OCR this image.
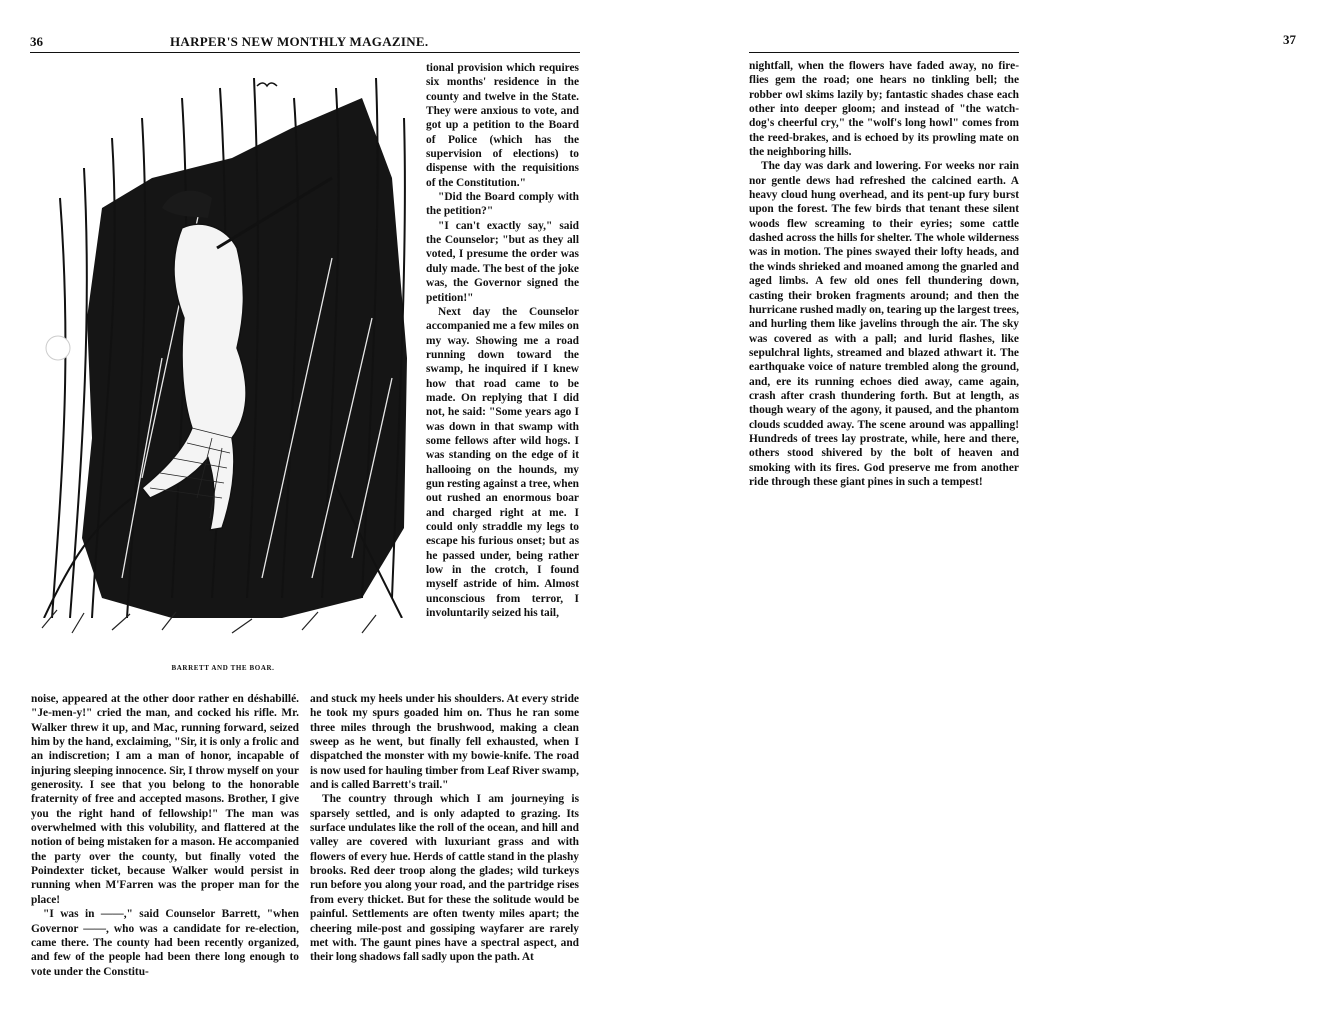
36	HARPER'S NEW MONTHLY MAGAZINE.
BARRETT AND THE BOAR.

tional provision which requires six months' residence in the county and twelve in the State. They were anxious to vote, and got up a petition to the Board of Police (which has the supervision of elections) to dispense with the requisitions of the Constitution."

"Did the Board comply with the petition?"

"I can't exactly say," said the Counselor; "but as they all voted, I presume the order was duly made. The best of the joke was, the Governor signed the petition!"

Next day the Counselor accompanied me a few miles on my way. Showing me a road running down toward the swamp, he inquired if I knew how that road came to be made. On replying that I did not, he said: "Some years ago I was down in that swamp with some fellows after wild hogs. I was standing on the edge of it hallooing on the hounds, my gun resting against a tree, when out rushed an enormous boar and charged right at me. I could only straddle my legs to escape his furious onset; but as he passed under, being rather low in the crotch, I found myself astride of him. Almost unconscious from terror, I involuntarily seized his tail,

noise, appeared at the other door rather en déshabillé. "Je-men-y!" cried the man, and cocked his rifle. Mr. Walker threw it up, and Mac, running forward, seized him by the hand, exclaiming, "Sir, it is only a frolic and an indiscretion; I am a man of honor, incapable of injuring sleeping innocence. Sir, I throw myself on your generosity. I see that you belong to the honorable fraternity of free and accepted masons. Brother, I give you the right hand of fellowship!" The man was overwhelmed with this volubility, and flattered at the notion of being mistaken for a mason. He accompanied the party over the county, but finally voted the Poindexter ticket, because Walker would persist in running when M'Farren was the proper man for the place!

"I was in ——," said Counselor Barrett, "when Governor ——, who was a candidate for re-election, came there. The county had been recently organized, and few of the people had been there long enough to vote under the Constitu-

and stuck my heels under his shoulders. At every stride he took my spurs goaded him on. Thus he ran some three miles through the brushwood, making a clean sweep as he went, but finally fell exhausted, when I dispatched the monster with my bowie-knife. The road is now used for hauling timber from Leaf River swamp, and is called Barrett's trail."

The country through which I am journeying is sparsely settled, and is only adapted to grazing. Its surface undulates like the roll of the ocean, and hill and valley are covered with luxuriant grass and with flowers of every hue. Herds of cattle stand in the plashy brooks. Red deer troop along the glades; wild turkeys run before you along your road, and the partridge rises from every thicket. But for these the solitude would be painful. Settlements are often twenty miles apart; the cheering mile-post and gossiping wayfarer are rarely met with. The gaunt pines have a spectral aspect, and their long shadows fall sadly upon the path. At

37

nightfall, when the flowers have faded away, no fire-flies gem the road; one hears no tinkling bell; the robber owl skims lazily by; fantastic shades chase each other into deeper gloom; and instead of "the watch-dog's cheerful cry," the "wolf's long howl" comes from the reed-brakes, and is echoed by its prowling mate on the neighboring hills.

The day was dark and lowering. For weeks nor rain nor gentle dews had refreshed the calcined earth. A heavy cloud hung overhead, and its pent-up fury burst upon the forest. The few birds that tenant these silent woods flew screaming to their eyries; some cattle dashed across the hills for shelter. The whole wilderness was in motion. The pines swayed their lofty heads, and the winds shrieked and moaned among the gnarled and aged limbs. A few old ones fell thundering down, casting their broken fragments around; and then the hurricane rushed madly on, tearing up the largest trees, and hurling them like javelins through the air. The sky was covered as with a pall; and lurid flashes, like sepulchral lights, streamed and blazed athwart it. The earthquake voice of nature trembled along the ground, and, ere its running echoes died away, came again, crash after crash thundering forth. But at length, as though weary of the agony, it paused, and the phantom clouds scudded away. The scene around was appalling! Hundreds of trees lay prostrate, while, here and there, others stood shivered by the bolt of heaven and smoking with its fires. God preserve me from another ride through these giant pines in such a tempest!
